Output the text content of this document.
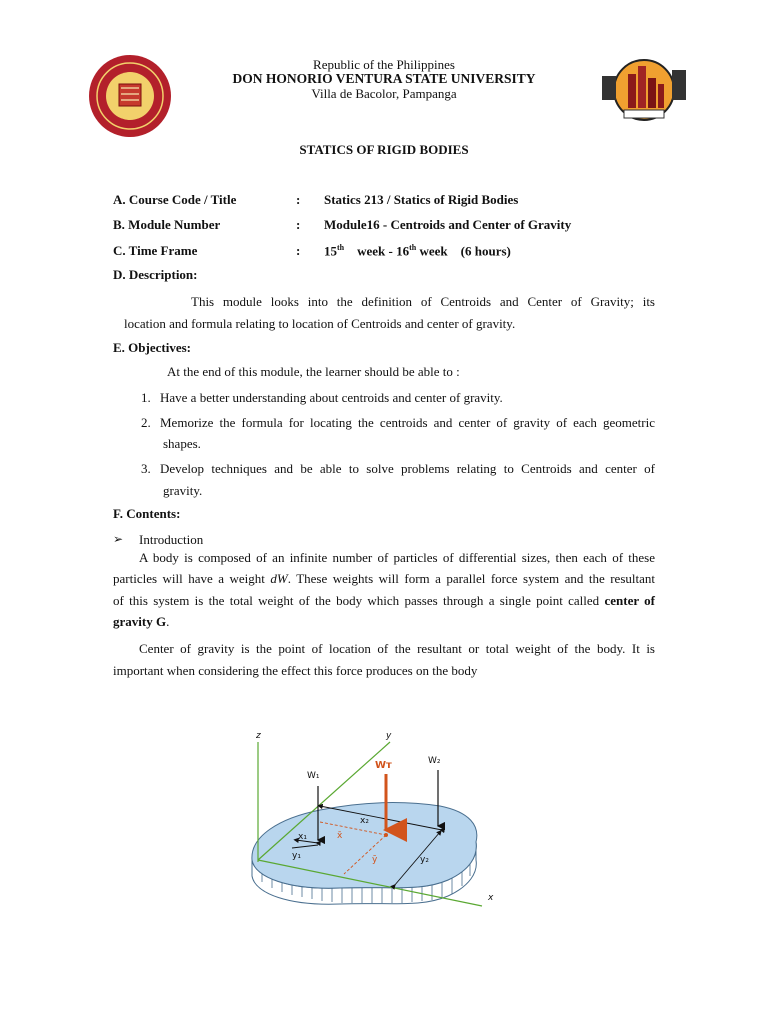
Republic of the Philippines
DON HONORIO VENTURA STATE UNIVERSITY
Villa de Bacolor, Pampanga
STATICS OF RIGID BODIES
A. Course Code / Title	: Statics 213 / Statics of Rigid Bodies
B. Module Number	: Module16 - Centroids and Center of Gravity
C. Time Frame	: 15th week - 16th week    (6 hours)
D. Description:
This module looks into the definition of Centroids and Center of Gravity; its
location and formula relating to location of Centroids and center of gravity.
E. Objectives:
At the end of this module, the learner should be able to :
1. Have a better understanding about centroids and center of gravity.
2. Memorize the formula for locating the centroids and center of gravity of each geometric
shapes.
3. Develop techniques and be able to solve problems relating to Centroids and center of
gravity.
F. Contents:
➢ Introduction
A body is composed of an infinite number of particles of differential sizes, then each of these
particles will have a weight dW. These weights will form a parallel force system and the resultant
of this system is the total weight of the body which passes through a single point called center of
gravity G.
Center of gravity is the point of location of the resultant or total weight of the body. It is
important when considering the effect this force produces on the body
z	y
x
W₁
W₂
Wᴛ
x₂
x₁	x̄
y₁	ȳ	y₂
